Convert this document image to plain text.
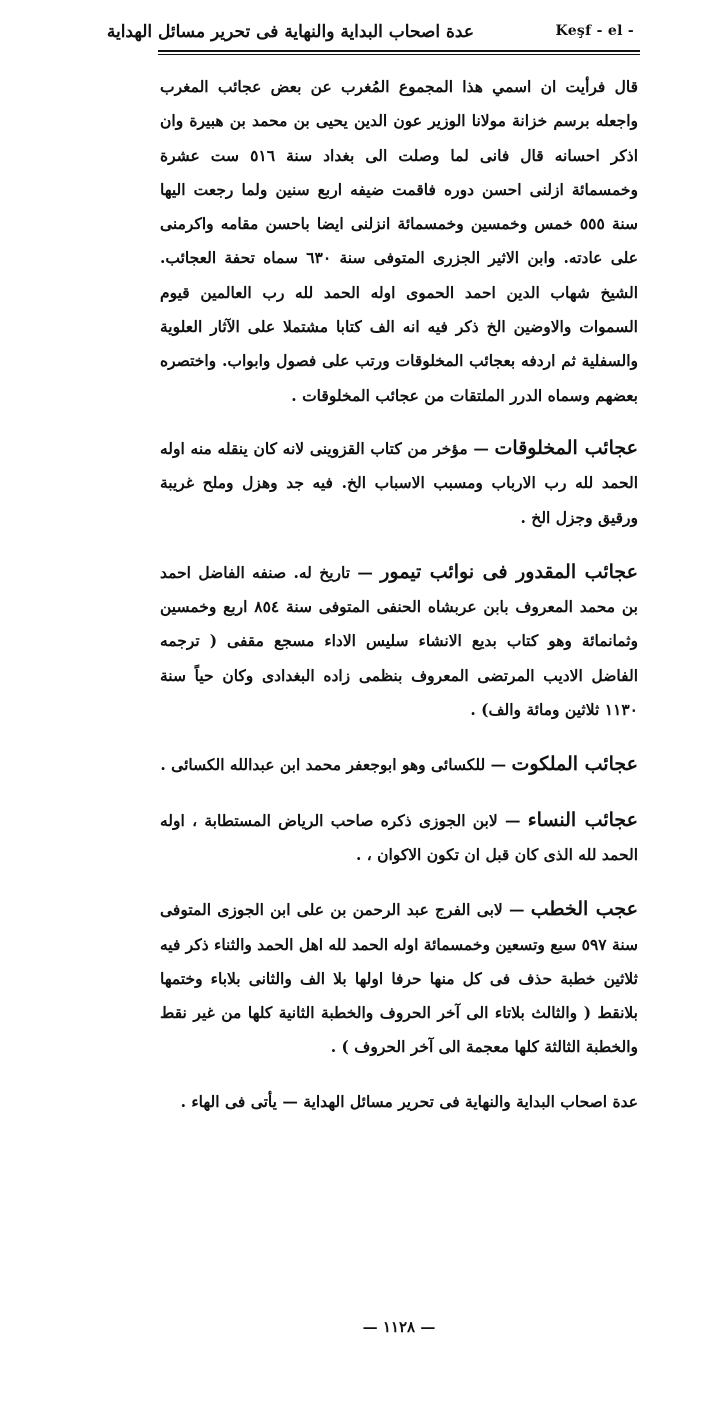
عدة اصحاب البداية والنهاية فى تحرير مسائل الهداية	Keşf - el -

قال فرأيت ان اسمي هذا المجموع المُغرب عن بعض عجائب المغرب واجعله برسم خزانة مولانا الوزير عون الدين يحيى بن محمد بن هبيرة وان اذكر احسانه قال فانى لما وصلت الى بغداد سنة ٥١٦ ست عشرة وخمسمائة ازلنى احسن دوره فاقمت ضيفه اربع سنين ولما رجعت اليها سنة ٥٥٥ خمس وخمسين وخمسمائة انزلنى ايضا باحسن مقامه واكرمنى على عادته. وابن الاثير الجزرى المتوفى سنة ٦٣٠ سماه تحفة العجائب. الشيخ شهاب الدين احمد الحموى اوله الحمد لله رب العالمين قيوم السموات والاوضين الخ ذكر فيه انه الف كتابا مشتملا على الآثار العلوية والسفلية ثم اردفه بعجائب المخلوقات ورتب على فصول وابواب. واختصره بعضهم وسماه الدرر الملتقات من عجائب المخلوقات .

عجائب المخلوقات — مؤخر من كتاب القزوينى لانه كان ينقله منه اوله الحمد لله رب الارباب ومسبب الاسباب الخ. فيه جد وهزل وملح غريبة ورقيق وجزل الخ .

عجائب المقدور فى نوائب تيمور — تاريخ له. صنفه الفاضل احمد بن محمد المعروف بابن عربشاه الحنفى المتوفى سنة ٨٥٤ اربع وخمسين وثمانمائة وهو كتاب بديع الانشاء سليس الاداء مسجع مقفى ( ترجمه الفاضل الاديب المرتضى المعروف بنظمى زاده البغدادى وكان حياً سنة ١١٣٠ ثلاثين ومائة والف) .

عجائب الملكوت — للكسائى وهو ابوجعفر محمد ابن عبدالله الكسائى .

عجائب النساء — لابن الجوزى ذكره صاحب الرياض المستطابة ، اوله الحمد لله الذى كان قبل ان تكون الاكوان ، .

عجب الخطب — لابى الفرج عبد الرحمن بن على ابن الجوزى المتوفى سنة ٥٩٧ سبع وتسعين وخمسمائة اوله الحمد لله اهل الحمد والثناء ذكر فيه ثلاثين خطبة حذف فى كل منها حرفا اولها بلا الف والثانى بلاباء وختمها بلانقط ( والثالث بلاتاء الى آخر الحروف والخطبة الثانية كلها من غير نقط والخطبة الثالثة كلها معجمة الى آخر الحروف ) .

عدة اصحاب البداية والنهاية فى تحرير مسائل الهداية — يأتى فى الهاء .

— ١١٢٨ —
